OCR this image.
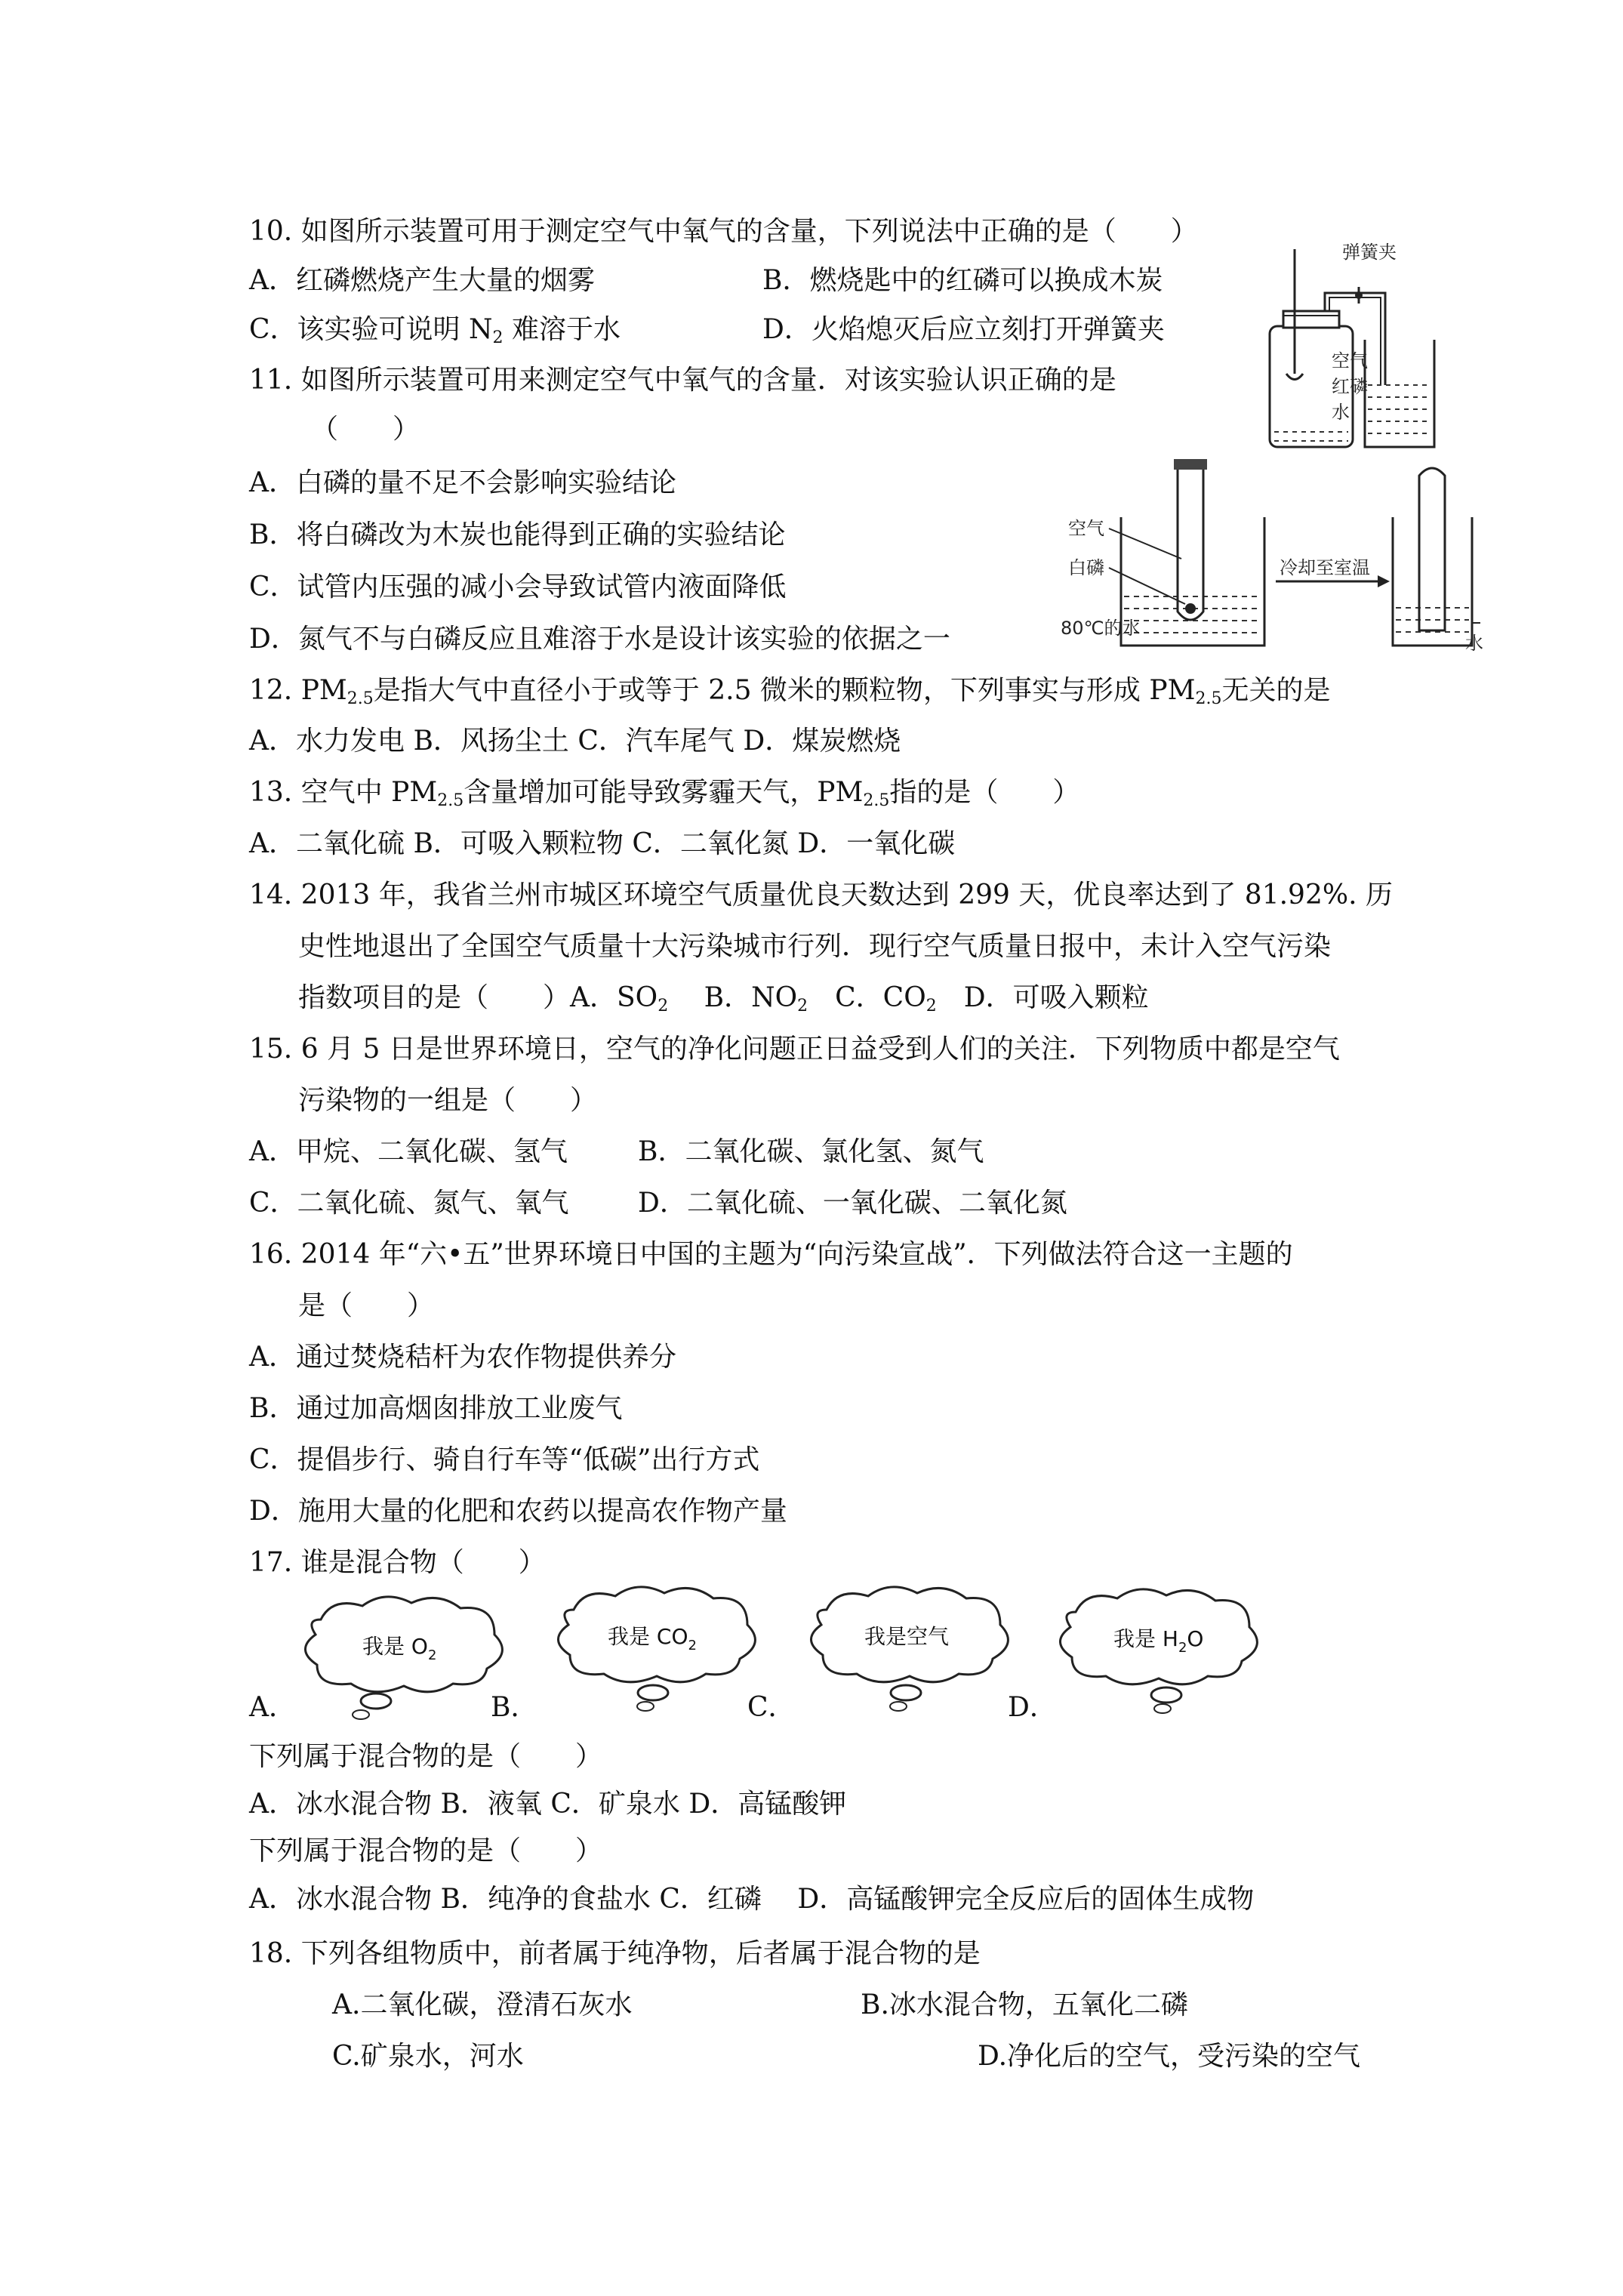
10. 如图所示装置可用于测定空气中氧气的含量，下列说法中正确的是（　　）
A．红磷燃烧产生大量的烟雾	B．燃烧匙中的红磷可以换成木炭
C．该实验可说明 $N_2$ 难溶于水	D．火焰熄灭后应立刻打开弹簧夹
弹簧夹
空气
红磷
水
11. 如图所示装置可用来测定空气中氧气的含量．对该实验认识正确的是
（　　）
A．白磷的量不足不会影响实验结论
B．将白磷改为木炭也能得到正确的实验结论
C．试管内压强的减小会导致试管内液面降低
D．氮气不与白磷反应且难溶于水是设计该实验的依据之一
空气
白磷
80℃的水
冷却至室温
水
12. $PM_{2.5}$是指大气中直径小于或等于 2.5 微米的颗粒物，下列事实与形成 $PM_{2.5}$无关的是
A．水力发电 B．风扬尘土 C．汽车尾气 D．煤炭燃烧
13. 空气中 $PM_{2.5}$含量增加可能导致雾霾天气，$PM_{2.5}$指的是（　　）
A．二氧化硫 B．可吸入颗粒物 C．二氧化氮 D．一氧化碳
14. 2013 年，我省兰州市城区环境空气质量优良天数达到 299 天，优良率达到了 81.92%. 历
史性地退出了全国空气质量十大污染城市行列．现行空气质量日报中，未计入空气污染
指数项目的是（　　）A．$SO_2$　 B．$NO_2$　C．$CO_2$　D．可吸入颗粒
15. 6 月 5 日是世界环境日，空气的净化问题正日益受到人们的关注．下列物质中都是空气
污染物的一组是（　　）
A．甲烷、二氧化碳、氢气	B．二氧化碳、氯化氢、氮气
C．二氧化硫、氮气、氧气	D．二氧化硫、一氧化碳、二氧化氮
16. 2014 年“六•五”世界环境日中国的主题为“向污染宣战”．下列做法符合这一主题的
是（　　）
A．通过焚烧秸杆为农作物提供养分
B．通过加高烟囱排放工业废气
C．提倡步行、骑自行车等“低碳”出行方式
D．施用大量的化肥和农药以提高农作物产量
17. 谁是混合物（　　）
我是 $O_2$
我是 $CO_2$	我是空气	我是 $H_2O$
A．	B．	C．	D．
下列属于混合物的是（　　）
A．冰水混合物 B．液氧 C．矿泉水 D．高锰酸钾
下列属于混合物的是（　　）
A．冰水混合物 B．纯净的食盐水 C．红磷　 D．高锰酸钾完全反应后的固体生成物
18. 下列各组物质中，前者属于纯净物，后者属于混合物的是
A.二氧化碳，澄清石灰水	B.冰水混合物，五氧化二磷
C.矿泉水，河水	D.净化后的空气，受污染的空气
